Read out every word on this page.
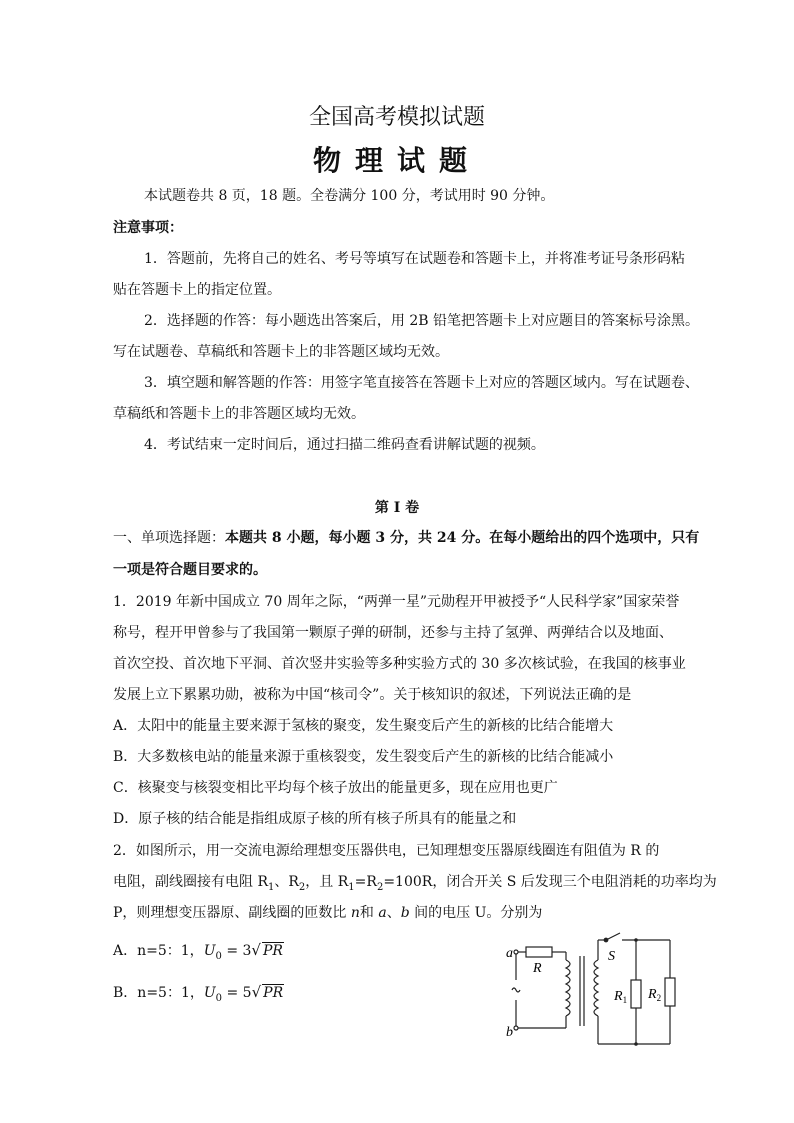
全国高考模拟试题
物理试题
本试题卷共 8 页，18 题。全卷满分 100 分，考试用时 90 分钟。
注意事项：
1．答题前，先将自己的姓名、考号等填写在试题卷和答题卡上，并将准考证号条形码粘
贴在答题卡上的指定位置。
2．选择题的作答：每小题选出答案后，用 2B 铅笔把答题卡上对应题目的答案标号涂黑。
写在试题卷、草稿纸和答题卡上的非答题区域均无效。
3．填空题和解答题的作答：用签字笔直接答在答题卡上对应的答题区域内。写在试题卷、
草稿纸和答题卡上的非答题区域均无效。
4．考试结束一定时间后，通过扫描二维码查看讲解试题的视频。
第 I 卷
一、单项选择题：本题共 8 小题，每小题 3 分，共 24 分。在每小题给出的四个选项中，只有
一项是符合题目要求的。
1．2019 年新中国成立 70 周年之际，“两弹一星”元勋程开甲被授予“人民科学家”国家荣誉
称号，程开甲曾参与了我国第一颗原子弹的研制，还参与主持了氢弹、两弹结合以及地面、
首次空投、首次地下平洞、首次竖井实验等多种实验方式的 30 多次核试验，在我国的核事业
发展上立下累累功勋，被称为中国“核司令”。关于核知识的叙述，下列说法正确的是
A．太阳中的能量主要来源于氢核的聚变，发生聚变后产生的新核的比结合能增大
B．大多数核电站的能量来源于重核裂变，发生裂变后产生的新核的比结合能减小
C．核聚变与核裂变相比平均每个核子放出的能量更多，现在应用也更广
D．原子核的结合能是指组成原子核的所有核子所具有的能量之和
2．如图所示，用一交流电源给理想变压器供电，已知理想变压器原线圈连有阻值为 R 的
电阻，副线圈接有电阻 $R_1$、$R_2$，且 $R_1=R_2=100R$，闭合开关 S 后发现三个电阻消耗的功率均为
P，则理想变压器原、副线圈的匝数比 n和 a、b 间的电压 U。分别为
A．n=5：1，$U_0 = 3√$ PR
B．n=5：1，$U_0 = 5√$ PR
a
b
R
S
$R_1$ $R_2$
